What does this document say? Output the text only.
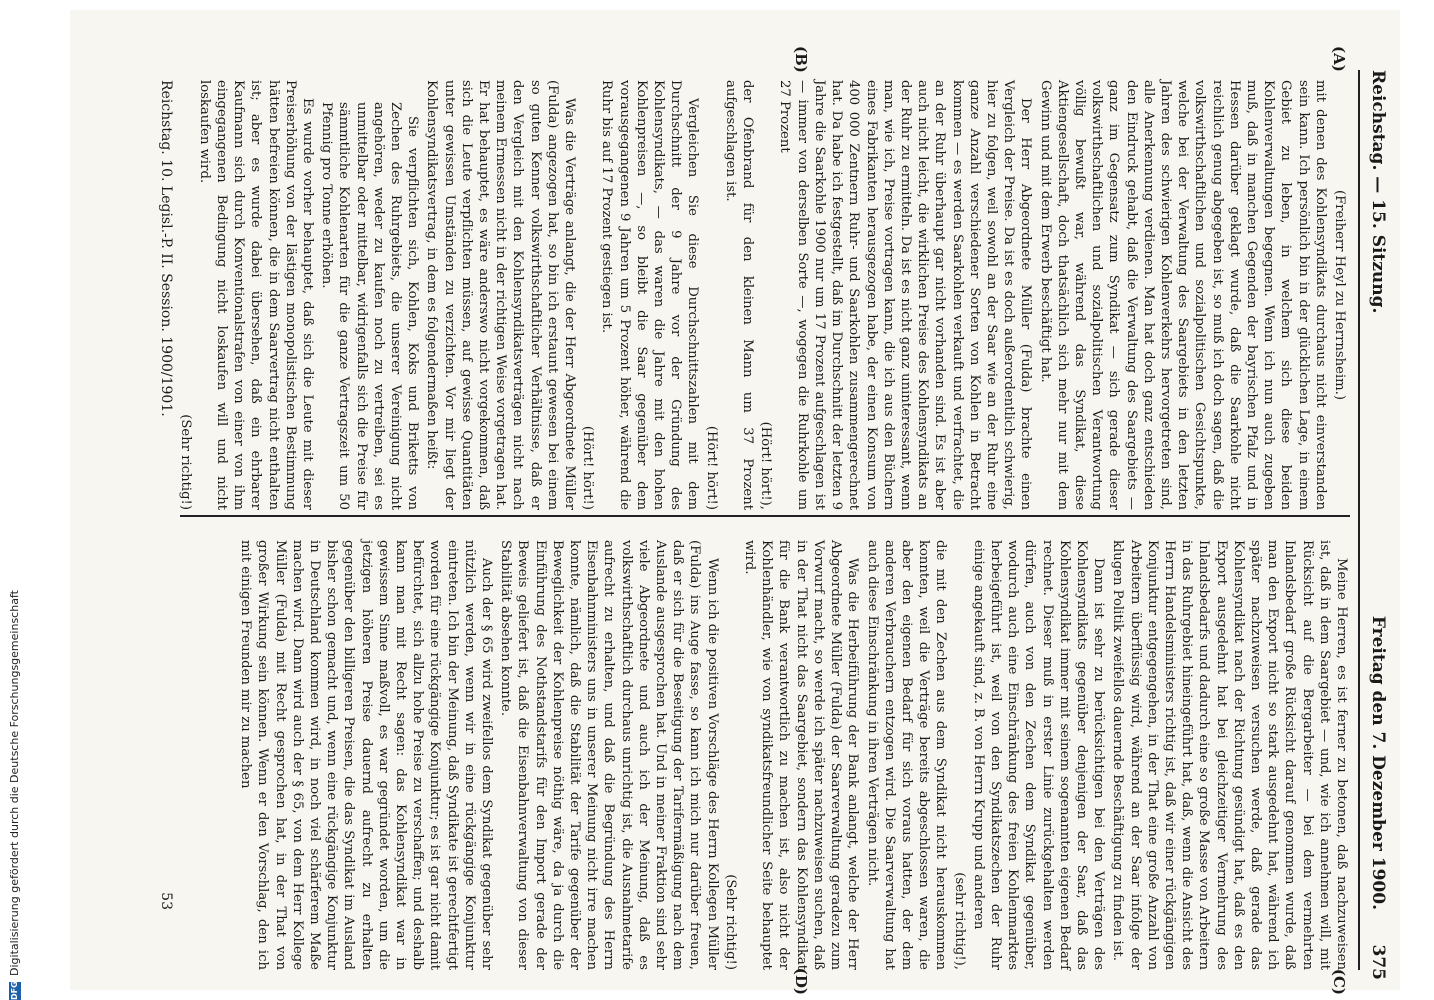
Reichstag. — 15. Sitzung.
Freitag den 7. Dezember 1900.
375
(A)
(B)
(C)
(D)

(Freiherr Heyl zu Herrnsheim.)

mit denen des Kohlensyndikats durchaus nicht einverstanden sein kann. Ich persönlich bin in der glücklichen Lage, in einem Gebiet zu leben, in welchem sich diese beiden Kohlenverwaltungen begegnen. Wenn ich nun auch zugeben muß, daß in manchen Gegenden der bayrischen Pfalz und in Hessen darüber geklagt wurde, daß die Saarkohle nicht reichlich genug abgegeben ist, so muß ich doch sagen, daß die volkswirthschaftlichen und sozialpolitischen Gesichtspunkte, welche bei der Verwaltung des Saargebiets in den letzten Jahren des schwierigen Kohlenverkehrs hervorgetreten sind, alle Anerkennung verdienen. Man hat doch ganz entschieden den Eindruck gehabt, daß die Verwaltung des Saargebiets — ganz im Gegensatz zum Syndikat — sich gerade dieser volkswirthschaftlichen und sozialpolitischen Verantwortung völlig bewußt war, während das Syndikat, diese Aktiengesellschaft, doch thatsächlich sich mehr nur mit dem Gewinn und mit dem Erwerb beschäftigt hat.

Der Herr Abgeordnete Müller (Fulda) brachte einen Vergleich der Preise. Da ist es doch außerordentlich schwierig, hier zu folgen, weil sowohl an der Saar wie an der Ruhr eine ganze Anzahl verschiedener Sorten von Kohlen in Betracht kommen — es werden Saarkohlen verkauft und verfrachtet, die an der Ruhr überhaupt gar nicht vorhanden sind. Es ist aber auch nicht leicht, die wirklichen Preise des Kohlensyndikats an der Ruhr zu ermitteln. Da ist es nicht ganz uninteressant, wenn man, wie ich, Preise vortragen kann, die ich aus den Büchern eines Fabrikanten herausgezogen habe, der einen Konsum von 400 000 Zentnern Ruhr- und Saarkohlen zusammengerechnet hat. Da habe ich festgestellt, daß im Durchschnitt der letzten 9 Jahre die Saarkohle 1900 nur um 17 Prozent aufgeschlagen ist — immer von derselben Sorte —, wogegen die Ruhrkohle um 27 Prozent

(Hört! hört!),

der Ofenbrand für den kleinen Mann um 37 Prozent aufgeschlagen ist.

(Hört! hört!)

Vergleichen Sie diese Durchschnittszahlen mit dem Durchschnitt der 9 Jahre vor der Gründung des Kohlensyndikats, — das waren die Jahre mit den hohen Kohlenpreisen —, so bleibt die Saar gegenüber dem vorausgegangenen 9 Jahren um 5 Prozent höher, während die Ruhr bis auf 17 Prozent gestiegen ist.

(Hört! hört!)

Was die Verträge anlangt, die der Herr Abgeordnete Müller (Fulda) angezogen hat, so bin ich erstaunt gewesen bei einem so guten Kenner volkswirthschaftlicher Verhältnisse, daß er den Vergleich mit den Kohlensyndikatsverträgen nicht nach meinem Ermessen nicht in der richtigen Weise vorgetragen hat. Er hat behauptet, es wäre anderswo nicht vorgekommen, daß sich die Leute verpflichten müssen, auf gewisse Quantitäten unter gewissen Umständen zu verzichten. Vor mir liegt der Kohlensyndikatsvertrag, in dem es folgendermaßen heißt:

Sie verpflichten sich, Kohlen, Koks und Briketts von Zechen des Ruhrgebiets, die unserer Vereinigung nicht angehören, weder zu kaufen noch zu vertreiben, sei es unmittelbar oder mittelbar, widrigenfalls sich die Preise für sämmtliche Kohlenarten für die ganze Vertragszeit um 50 Pfennig pro Tonne erhöhen.

Es wurde vorher behauptet, daß sich die Leute mit dieser Preiserhöhung von der lästigen monopolistischen Bestimmung hätten befreien können, die in dem Saarvertrag nicht enthalten ist; aber es wurde dabei übersehen, daß ein ehrbarer Kaufmann sich durch Konventionalstrafen von einer von ihm eingegangenen Bedingung nicht loskaufen will und nicht loskaufen wird.

(Sehr richtig!)

Meine Herren, es ist ferner zu betonen, daß nachzuweisen ist, daß in dem Saargebiet — und, wie ich annehmen will, mit Rücksicht auf die Bergarbeiter — bei dem vermehrten Inlandsbedarf große Rücksicht darauf genommen wurde, daß man den Export nicht so stark ausgedehnt hat, während ich später nachzuweisen versuchen werde, daß gerade das Kohlensyndikat nach der Richtung gesündigt hat, daß es den Export ausgedehnt hat bei gleichzeitiger Vermehrung des Inlandsbedarfs und dadurch eine so große Masse von Arbeitern in das Ruhrgebiet hineingeführt hat, daß, wenn die Ansicht des Herrn Handelsministers richtig ist, daß wir einer rückgängigen Konjunktur entgegengehen, in der That eine große Anzahl von Arbeitern überflüssig wird, während an der Saar infolge der klugen Politik zweifellos dauernde Beschäftigung zu finden ist.

Dann ist sehr zu berücksichtigen bei den Verträgen des Kohlensyndikats gegenüber denjenigen der Saar, daß das Kohlensyndikat immer mit seinem sogenannten eigenen Bedarf rechnet. Dieser muß in erster Linie zurückgehalten werden dürfen, auch von den Zechen dem Syndikat gegenüber, wodurch auch eine Einschränkung des freien Kohlenmarktes herbeigeführt ist, weil von den Syndikatszechen der Ruhr einige angekauft sind, z. B. von Herrn Krupp und anderen

(sehr richtig!),

die mit den Zechen aus dem Syndikat nicht herauskommen konnten, weil die Verträge bereits abgeschlossen waren, die aber den eigenen Bedarf für sich voraus hatten, der dem anderen Verbrauchern entzogen wird. Die Saarverwaltung hat auch diese Einschränkung in ihren Verträgen nicht.

Was die Herbeiführung der Bank anlangt, welche der Herr Abgeordnete Müller (Fulda) der Saarverwaltung geradezu zum Vorwurf macht, so werde ich später nachzuweisen suchen, daß in der That nicht das Saargebiet, sondern das Kohlensyndikat für die Bank verantwortlich zu machen ist, also nicht der Kohlenhändler, wie von syndikatsfreundlicher Seite behauptet wird.

(Sehr richtig!)

Wenn ich die positiven Vorschläge des Herrn Kollegen Müller (Fulda) ins Auge fasse, so kann ich mich nur darüber freuen, daß er sich für die Beseitigung der Tarifermäßigung nach dem Auslande ausgesprochen hat. Und in meiner Fraktion sind sehr viele Abgeordnete und auch ich der Meinung, daß es volkswirthschaftlich durchaus unrichtig ist, die Ausnahmetarife aufrecht zu erhalten, und daß die Begründung des Herrn Eisenbahnministers uns in unserer Meinung nicht irre machen konnte, nämlich, daß die Stabilität der Tarife gegenüber der Beweglichkeit der Kohlenpreise nöthig wäre, da ja durch die Einführung des Nothstandstarifs für den Import gerade der Beweis geliefert ist, daß die Eisenbahnverwaltung von dieser Stabilität absehen konnte.

Auch der § 65 wird zweifellos dem Syndikat gegenüber sehr nützlich werden, wenn wir in eine rückgängige Konjunktur eintreten. Ich bin der Meinung, daß Syndikate ist gerechtfertigt worden für eine rückgängige Konjunktur; es ist gar nicht damit befürchtet, sich allzu hohe Preise zu verschaffen; und deshalb kann man mit Recht sagen: das Kohlensyndikat war in gewissem Sinne maßvoll, es war gegründet worden, um die jetzigen höheren Preise dauernd aufrecht zu erhalten gegenüber den billigeren Preisen, die das Syndikat im Ausland bisher schon gemacht und, wenn eine rückgängige Konjunktur in Deutschland kommen wird, in noch viel schärferem Maße machen wird. Dann wird auch der § 65, von dem Herr Kollege Müller (Fulda) mit Recht gesprochen hat, in der That von großer Wirkung sein können. Wenn er den Vorschlag, den ich mit einigen Freunden mir zu machen

Reichstag. 10. Legisl.-P. II. Session. 1900/1901.
53
DFGDigitalisierung gefördert durch die Deutsche Forschungsgemeinschaft
